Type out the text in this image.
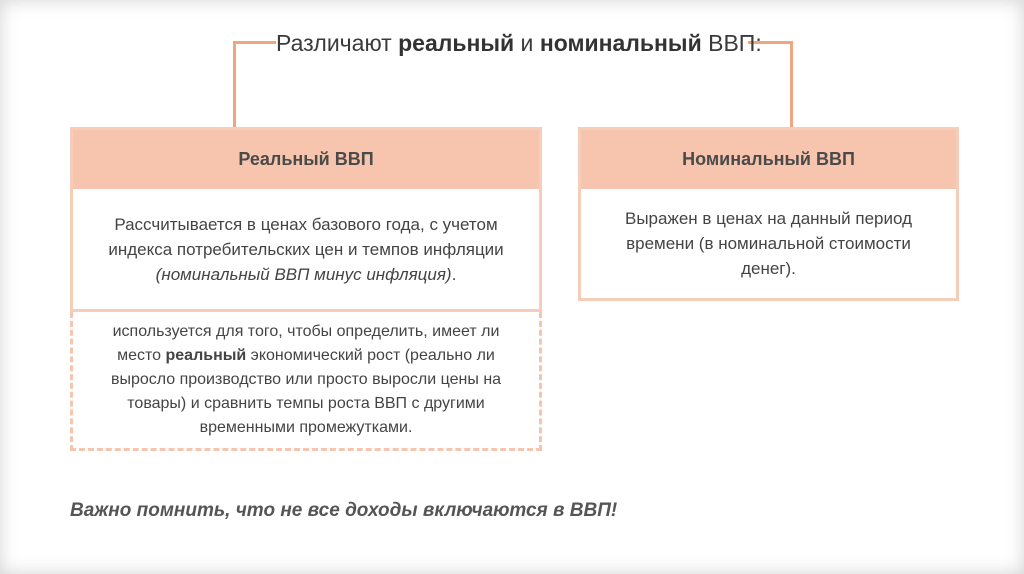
Различают реальный и номинальный ВВП:
Реальный ВВП
Рассчитывается в ценах базового года, с учетом индекса потребительских цен и темпов инфляции (номинальный ВВП минус инфляция).
используется для того, чтобы определить, имеет ли место реальный экономический рост (реально ли выросло производство или просто выросли цены на товары) и сравнить темпы роста ВВП с другими временными промежутками.
Номинальный ВВП
Выражен в ценах на данный период времени (в номинальной стоимости денег).
Важно помнить, что не все доходы включаются в ВВП!
